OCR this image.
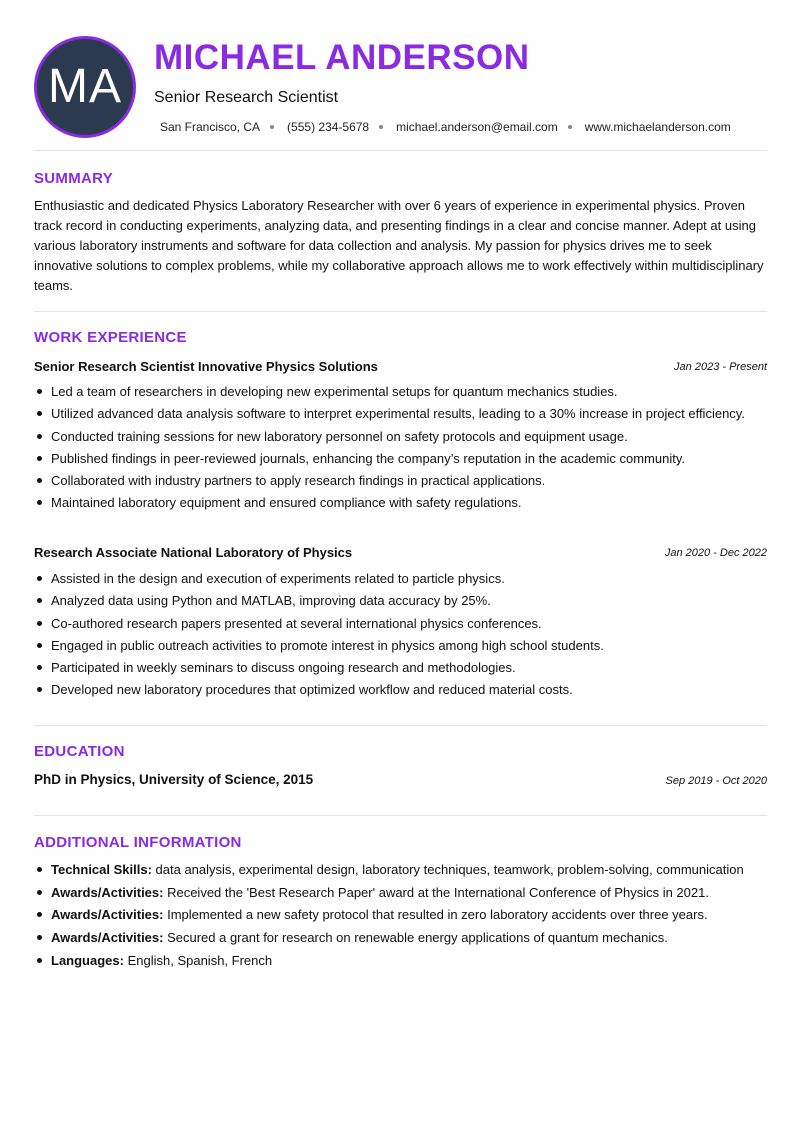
MA
MICHAEL ANDERSON
Senior Research Scientist
San Francisco, CA (555) 234-5678 michael.anderson@email.com www.michaelanderson.com
SUMMARY

Enthusiastic and dedicated Physics Laboratory Researcher with over 6 years of experience in experimental physics. Proven track record in conducting experiments, analyzing data, and presenting findings in a clear and concise manner. Adept at using various laboratory instruments and software for data collection and analysis. My passion for physics drives me to seek innovative solutions to complex problems, while my collaborative approach allows me to work effectively within multidisciplinary teams.

WORK EXPERIENCE
Senior Research Scientist Innovative Physics Solutions	Jan 2023 - Present
Led a team of researchers in developing new experimental setups for quantum mechanics studies.
Utilized advanced data analysis software to interpret experimental results, leading to a 30% increase in project efficiency.
Conducted training sessions for new laboratory personnel on safety protocols and equipment usage.
Published findings in peer-reviewed journals, enhancing the company’s reputation in the academic community.
Collaborated with industry partners to apply research findings in practical applications.
Maintained laboratory equipment and ensured compliance with safety regulations.
Research Associate National Laboratory of Physics	Jan 2020 - Dec 2022
Assisted in the design and execution of experiments related to particle physics.
Analyzed data using Python and MATLAB, improving data accuracy by 25%.
Co-authored research papers presented at several international physics conferences.
Engaged in public outreach activities to promote interest in physics among high school students.
Participated in weekly seminars to discuss ongoing research and methodologies.
Developed new laboratory procedures that optimized workflow and reduced material costs.
EDUCATION
PhD in Physics, University of Science, 2015	Sep 2019 - Oct 2020
ADDITIONAL INFORMATION
Technical Skills: data analysis, experimental design, laboratory techniques, teamwork, problem-solving, communication
Awards/Activities: Received the 'Best Research Paper' award at the International Conference of Physics in 2021.
Awards/Activities: Implemented a new safety protocol that resulted in zero laboratory accidents over three years.
Awards/Activities: Secured a grant for research on renewable energy applications of quantum mechanics.
Languages: English, Spanish, French
